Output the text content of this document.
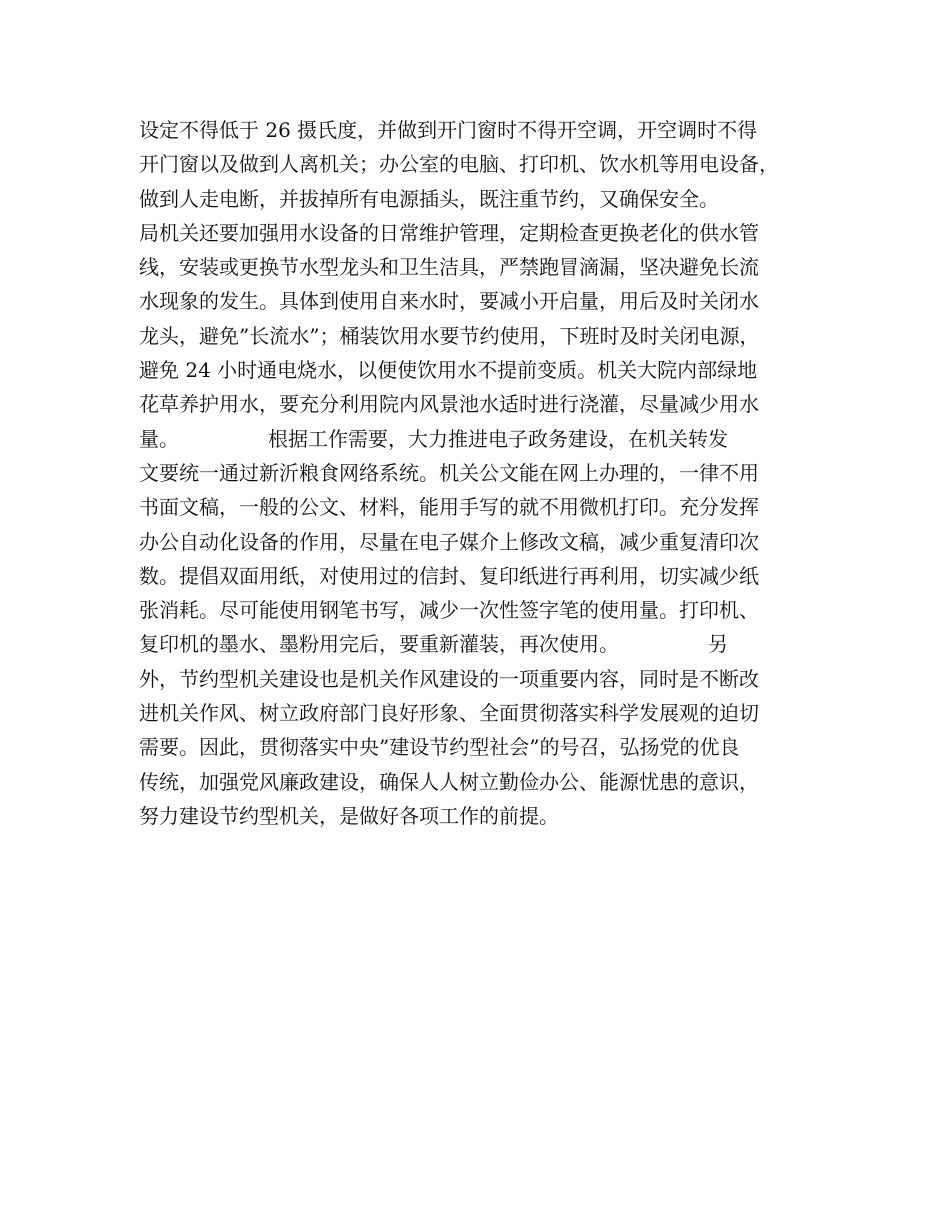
设定不得低于 26 摄氏度，并做到开门窗时不得开空调，开空调时不得
开门窗以及做到人离机关；办公室的电脑、打印机、饮水机等用电设备，
做到人走电断，并拔掉所有电源插头，既注重节约，又确保安全。
局机关还要加强用水设备的日常维护管理，定期检查更换老化的供水管
线，安装或更换节水型龙头和卫生洁具，严禁跑冒滴漏，坚决避免长流
水现象的发生。具体到使用自来水时，要减小开启量，用后及时关闭水
龙头，避免”长流水”；桶装饮用水要节约使用，下班时及时关闭电源，
避免 24 小时通电烧水，以便使饮用水不提前变质。机关大院内部绿地
花草养护用水，要充分利用院内风景池水适时进行浇灌，尽量减少用水
量。              根据工作需要，大力推进电子政务建设，在机关转发
文要统一通过新沂粮食网络系统。机关公文能在网上办理的，一律不用
书面文稿，一般的公文、材料，能用手写的就不用微机打印。充分发挥
办公自动化设备的作用，尽量在电子媒介上修改文稿，减少重复清印次
数。提倡双面用纸，对使用过的信封、复印纸进行再利用，切实减少纸
张消耗。尽可能使用钢笔书写，减少一次性签字笔的使用量。打印机、
复印机的墨水、墨粉用完后，要重新灌装，再次使用。              另
外，节约型机关建设也是机关作风建设的一项重要内容，同时是不断改
进机关作风、树立政府部门良好形象、全面贯彻落实科学发展观的迫切
需要。因此，贯彻落实中央”建设节约型社会”的号召，弘扬党的优良
传统，加强党风廉政建设，确保人人树立勤俭办公、能源忧患的意识，
努力建设节约型机关，是做好各项工作的前提。
